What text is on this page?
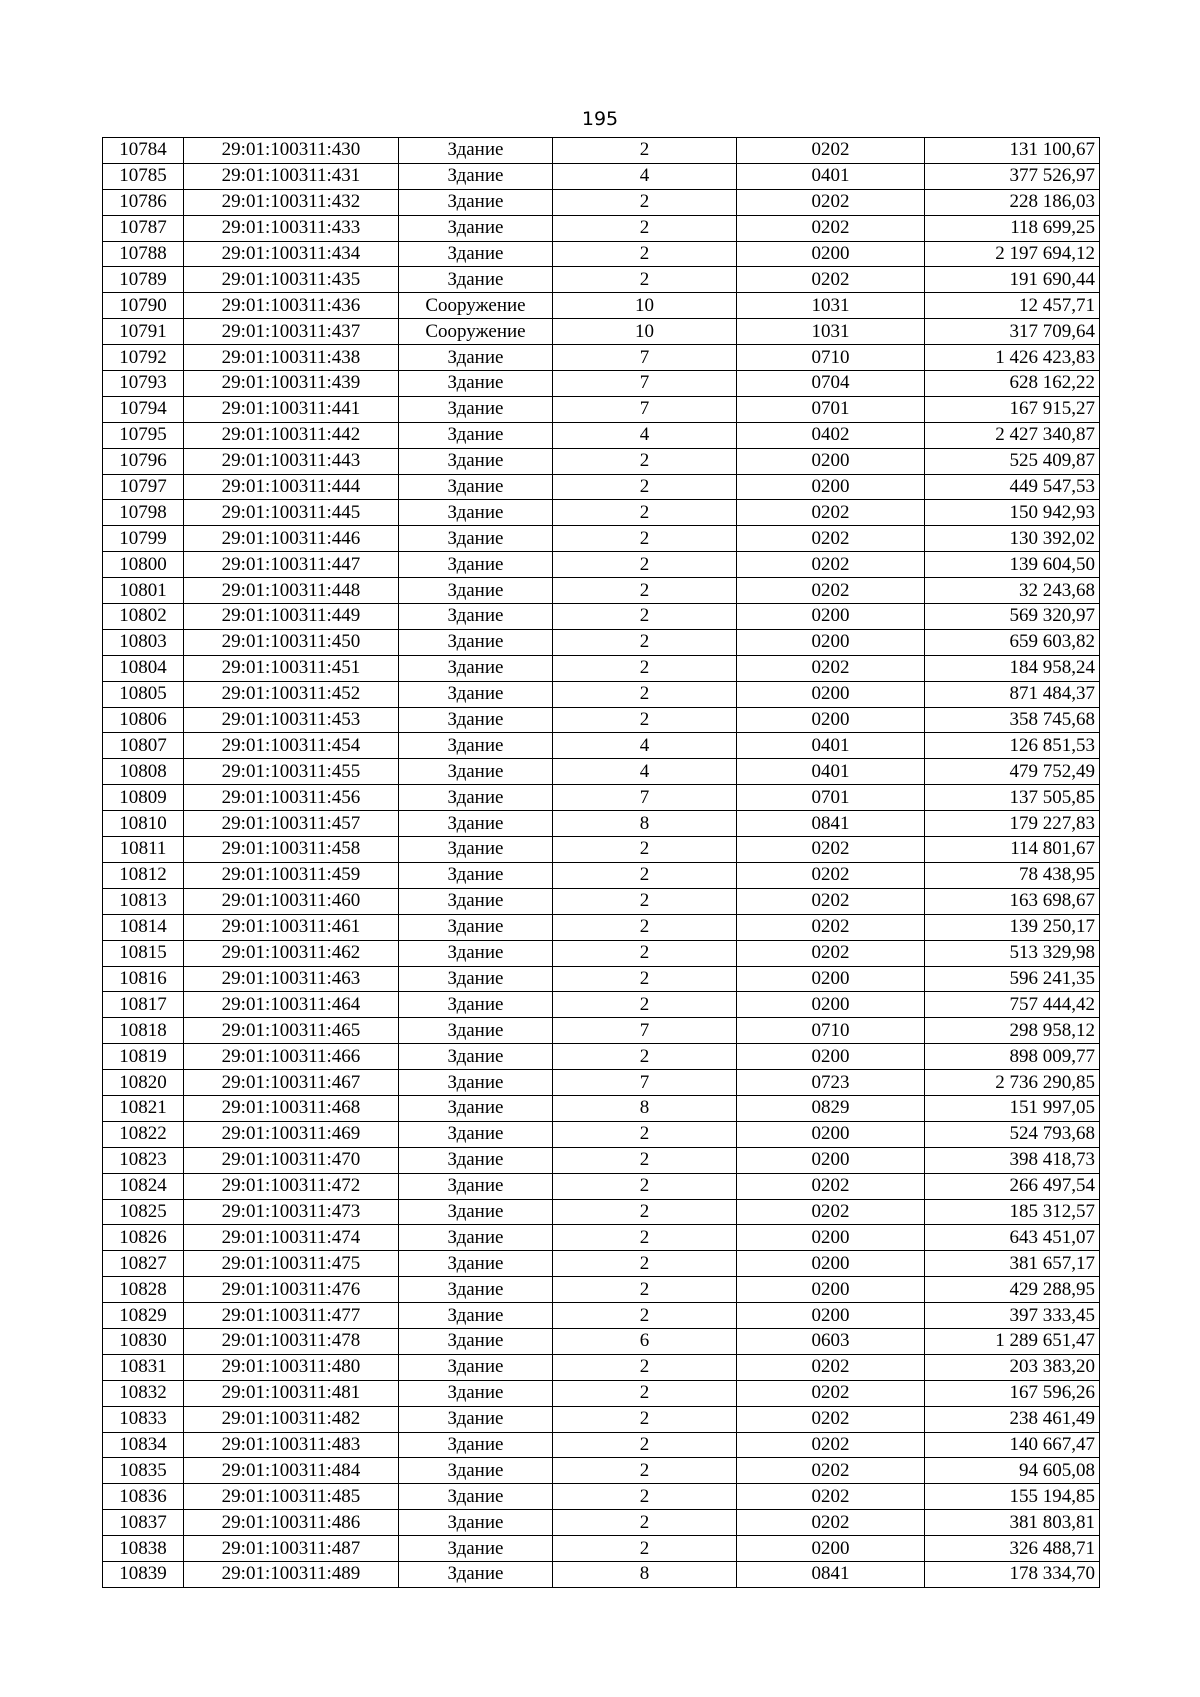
195
10784	29:01:100311:430	Здание	2	0202	131 100,67
10785	29:01:100311:431	Здание	4	0401	377 526,97
10786	29:01:100311:432	Здание	2	0202	228 186,03
10787	29:01:100311:433	Здание	2	0202	118 699,25
10788	29:01:100311:434	Здание	2	0200	2 197 694,12
10789	29:01:100311:435	Здание	2	0202	191 690,44
10790	29:01:100311:436	Сооружение	10	1031	12 457,71
10791	29:01:100311:437	Сооружение	10	1031	317 709,64
10792	29:01:100311:438	Здание	7	0710	1 426 423,83
10793	29:01:100311:439	Здание	7	0704	628 162,22
10794	29:01:100311:441	Здание	7	0701	167 915,27
10795	29:01:100311:442	Здание	4	0402	2 427 340,87
10796	29:01:100311:443	Здание	2	0200	525 409,87
10797	29:01:100311:444	Здание	2	0200	449 547,53
10798	29:01:100311:445	Здание	2	0202	150 942,93
10799	29:01:100311:446	Здание	2	0202	130 392,02
10800	29:01:100311:447	Здание	2	0202	139 604,50
10801	29:01:100311:448	Здание	2	0202	32 243,68
10802	29:01:100311:449	Здание	2	0200	569 320,97
10803	29:01:100311:450	Здание	2	0200	659 603,82
10804	29:01:100311:451	Здание	2	0202	184 958,24
10805	29:01:100311:452	Здание	2	0200	871 484,37
10806	29:01:100311:453	Здание	2	0200	358 745,68
10807	29:01:100311:454	Здание	4	0401	126 851,53
10808	29:01:100311:455	Здание	4	0401	479 752,49
10809	29:01:100311:456	Здание	7	0701	137 505,85
10810	29:01:100311:457	Здание	8	0841	179 227,83
10811	29:01:100311:458	Здание	2	0202	114 801,67
10812	29:01:100311:459	Здание	2	0202	78 438,95
10813	29:01:100311:460	Здание	2	0202	163 698,67
10814	29:01:100311:461	Здание	2	0202	139 250,17
10815	29:01:100311:462	Здание	2	0202	513 329,98
10816	29:01:100311:463	Здание	2	0200	596 241,35
10817	29:01:100311:464	Здание	2	0200	757 444,42
10818	29:01:100311:465	Здание	7	0710	298 958,12
10819	29:01:100311:466	Здание	2	0200	898 009,77
10820	29:01:100311:467	Здание	7	0723	2 736 290,85
10821	29:01:100311:468	Здание	8	0829	151 997,05
10822	29:01:100311:469	Здание	2	0200	524 793,68
10823	29:01:100311:470	Здание	2	0200	398 418,73
10824	29:01:100311:472	Здание	2	0202	266 497,54
10825	29:01:100311:473	Здание	2	0202	185 312,57
10826	29:01:100311:474	Здание	2	0200	643 451,07
10827	29:01:100311:475	Здание	2	0200	381 657,17
10828	29:01:100311:476	Здание	2	0200	429 288,95
10829	29:01:100311:477	Здание	2	0200	397 333,45
10830	29:01:100311:478	Здание	6	0603	1 289 651,47
10831	29:01:100311:480	Здание	2	0202	203 383,20
10832	29:01:100311:481	Здание	2	0202	167 596,26
10833	29:01:100311:482	Здание	2	0202	238 461,49
10834	29:01:100311:483	Здание	2	0202	140 667,47
10835	29:01:100311:484	Здание	2	0202	94 605,08
10836	29:01:100311:485	Здание	2	0202	155 194,85
10837	29:01:100311:486	Здание	2	0202	381 803,81
10838	29:01:100311:487	Здание	2	0200	326 488,71
10839	29:01:100311:489	Здание	8	0841	178 334,70
